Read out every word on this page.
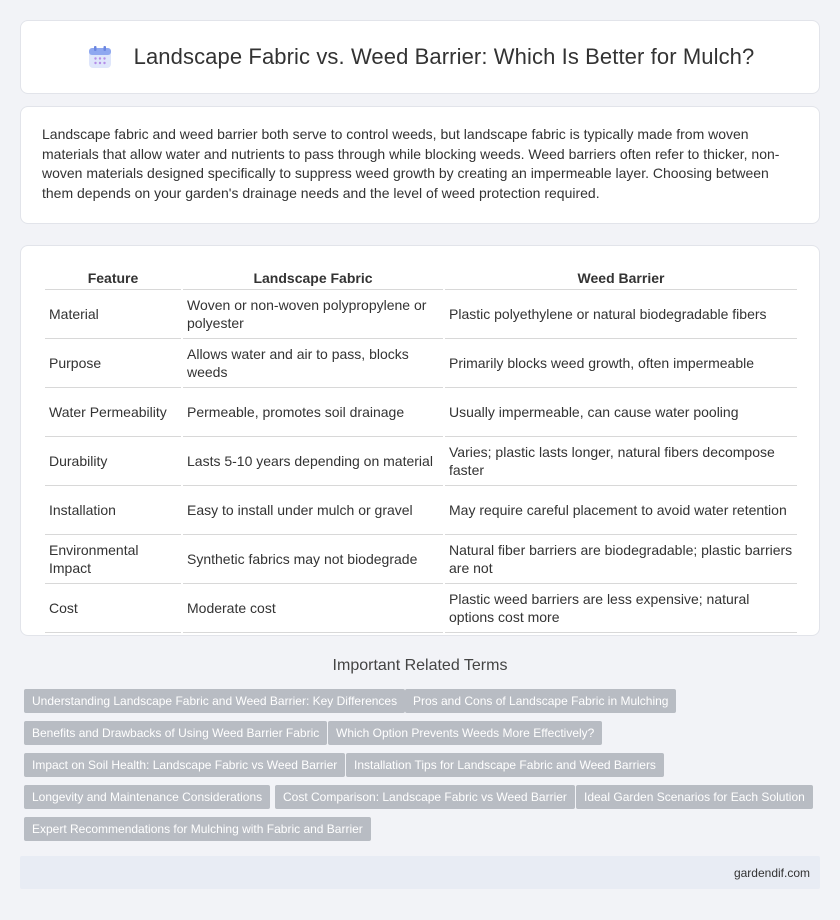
Landscape Fabric vs. Weed Barrier: Which Is Better for Mulch?

Landscape fabric and weed barrier both serve to control weeds, but landscape fabric is typically made from woven materials that allow water and nutrients to pass through while blocking weeds. Weed barriers often refer to thicker, non-woven materials designed specifically to suppress weed growth by creating an impermeable layer. Choosing between them depends on your garden's drainage needs and the level of weed protection required.

Feature	Landscape Fabric	Weed Barrier
Material	Woven or non-woven polypropylene or polyester	Plastic polyethylene or natural biodegradable fibers
Purpose	Allows water and air to pass, blocks weeds	Primarily blocks weed growth, often impermeable
Water Permeability	Permeable, promotes soil drainage	Usually impermeable, can cause water pooling
Durability	Lasts 5-10 years depending on material	Varies; plastic lasts longer, natural fibers decompose faster
Installation	Easy to install under mulch or gravel	May require careful placement to avoid water retention
Environmental Impact	Synthetic fabrics may not biodegrade	Natural fiber barriers are biodegradable; plastic barriers are not
Cost	Moderate cost	Plastic weed barriers are less expensive; natural options cost more
Important Related Terms
Understanding Landscape Fabric and Weed Barrier: Key Differences	Pros and Cons of Landscape Fabric in Mulching
Benefits and Drawbacks of Using Weed Barrier Fabric	Which Option Prevents Weeds More Effectively?
Impact on Soil Health: Landscape Fabric vs Weed Barrier	Installation Tips for Landscape Fabric and Weed Barriers
Longevity and Maintenance Considerations	Cost Comparison: Landscape Fabric vs Weed Barrier	Ideal Garden Scenarios for Each Solution
Expert Recommendations for Mulching with Fabric and Barrier
gardendif.com
